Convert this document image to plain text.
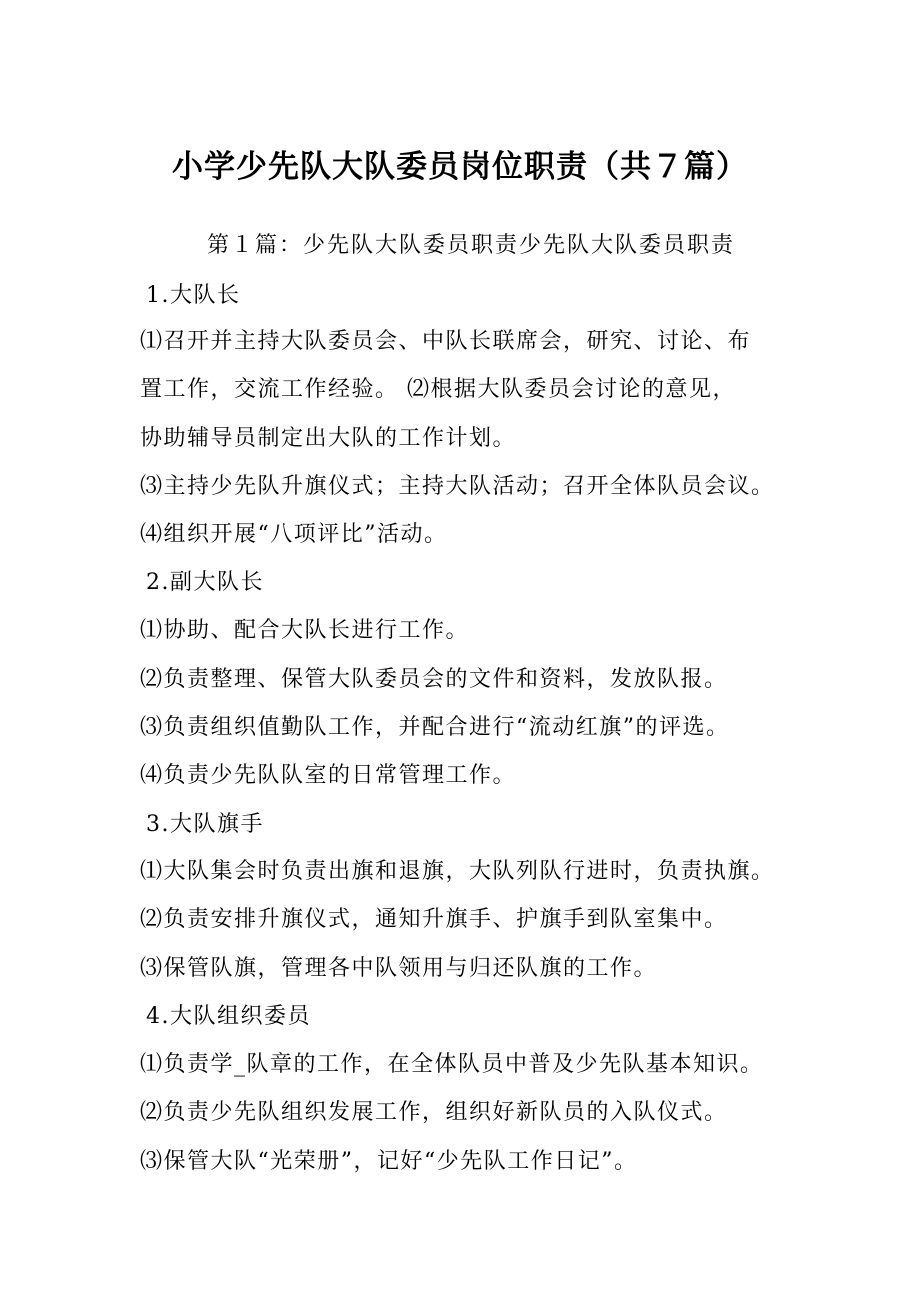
小学少先队大队委员岗位职责（共７篇）
第１篇：少先队大队委员职责少先队大队委员职责
1.大队长
⑴召开并主持大队委员会、中队长联席会，研究、讨论、布
置工作，交流工作经验。 ⑵根据大队委员会讨论的意见，
协助辅导员制定出大队的工作计划。
⑶主持少先队升旗仪式；主持大队活动；召开全体队员会议。
⑷组织开展“八项评比”活动。
2.副大队长
⑴协助、配合大队长进行工作。
⑵负责整理、保管大队委员会的文件和资料，发放队报。
⑶负责组织值勤队工作，并配合进行“流动红旗”的评选。
⑷负责少先队队室的日常管理工作。
3.大队旗手
⑴大队集会时负责出旗和退旗，大队列队行进时，负责执旗。
⑵负责安排升旗仪式，通知升旗手、护旗手到队室集中。
⑶保管队旗，管理各中队领用与归还队旗的工作。
4.大队组织委员
⑴负责学_队章的工作，在全体队员中普及少先队基本知识。
⑵负责少先队组织发展工作，组织好新队员的入队仪式。
⑶保管大队“光荣册”，记好“少先队工作日记”。
